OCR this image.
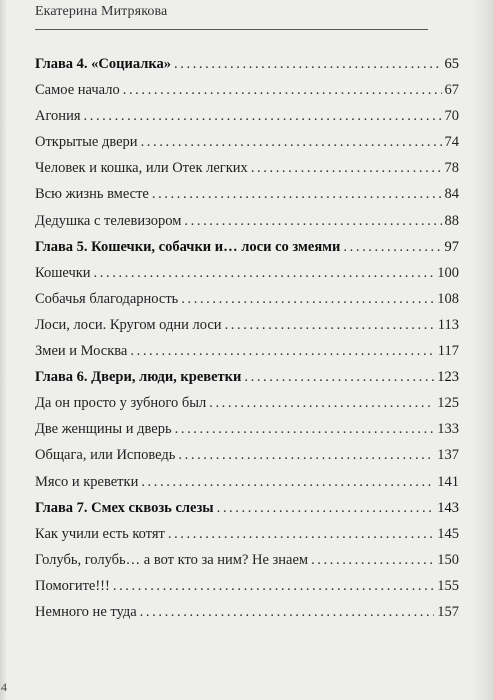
Екатерина Митрякова
Глава 4. «Социалка» .....	65
Самое начало .....	67
Агония .....	70
Открытые двери .....	74
Человек и кошка, или Отек легких .....	78
Всю жизнь вместе .....	84
Дедушка с телевизором .....	88
Глава 5. Кошечки, собачки и… лоси со змеями .....	97
Кошечки .....	100
Собачья благодарность .....	108
Лоси, лоси. Кругом одни лоси .....	113
Змеи и Москва .....	117
Глава 6. Двери, люди, креветки .....	123
Да он просто у зубного был .....	125
Две женщины и дверь .....	133
Общага, или Исповедь .....	137
Мясо и креветки .....	141
Глава 7. Смех сквозь слезы .....	143
Как учили есть котят .....	145
Голубь, голубь… а вот кто за ним? Не знаем .....	150
Помогите!!! .....	155
Немного не туда .....	157
4
